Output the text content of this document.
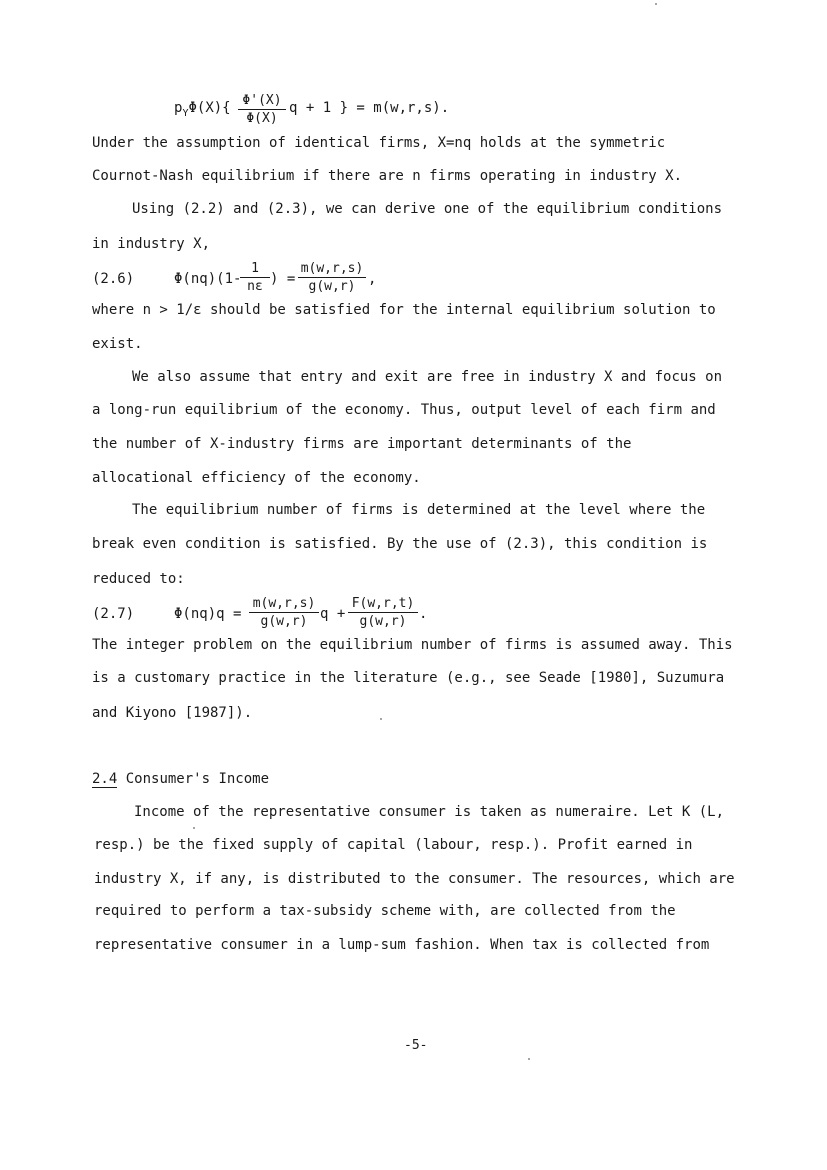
$p_Y\Phi(X)\{ \frac{\Phi'(X)}{\Phi(X)}$ q + 1 } = m(w,r,s).
Under the assumption of identical firms, X=nq holds at the symmetric
Cournot-Nash equilibrium if there are n firms operating in industry X.
Using (2.2) and (2.3), we can derive one of the equilibrium conditions
in industry X,
(2.6)	Φ(nq)(1-
$\frac{1}{n\varepsilon}$ ) = $\frac{m(w,r,s)}{g(w,r)}$ ,
where n > 1/ε should be satisfied for the internal equilibrium solution to
exist.
We also assume that entry and exit are free in industry X and focus on
a long-run equilibrium of the economy. Thus, output level of each firm and
the number of X-industry firms are important determinants of the
allocational efficiency of the economy.
The equilibrium number of firms is determined at the level where the
break even condition is satisfied. By the use of (2.3), this condition is
reduced to:
(2.7)	$\Phi(nq)q = \frac{m(w,r,s)}{g(w,r)}$ $q + \frac{F(w,r,t)}{g(w,r)}$ .
The integer problem on the equilibrium number of firms is assumed away. This
is a customary practice in the literature (e.g., see Seade [1980], Suzumura
and Kiyono [1987]).
2.4 Consumer's Income
Income of the representative consumer is taken as numeraire. Let K (L,
resp.) be the fixed supply of capital (labour, resp.). Profit earned in
industry X, if any, is distributed to the consumer. The resources, which are
required to perform a tax-subsidy scheme with, are collected from the
representative consumer in a lump-sum fashion. When tax is collected from
-5-
